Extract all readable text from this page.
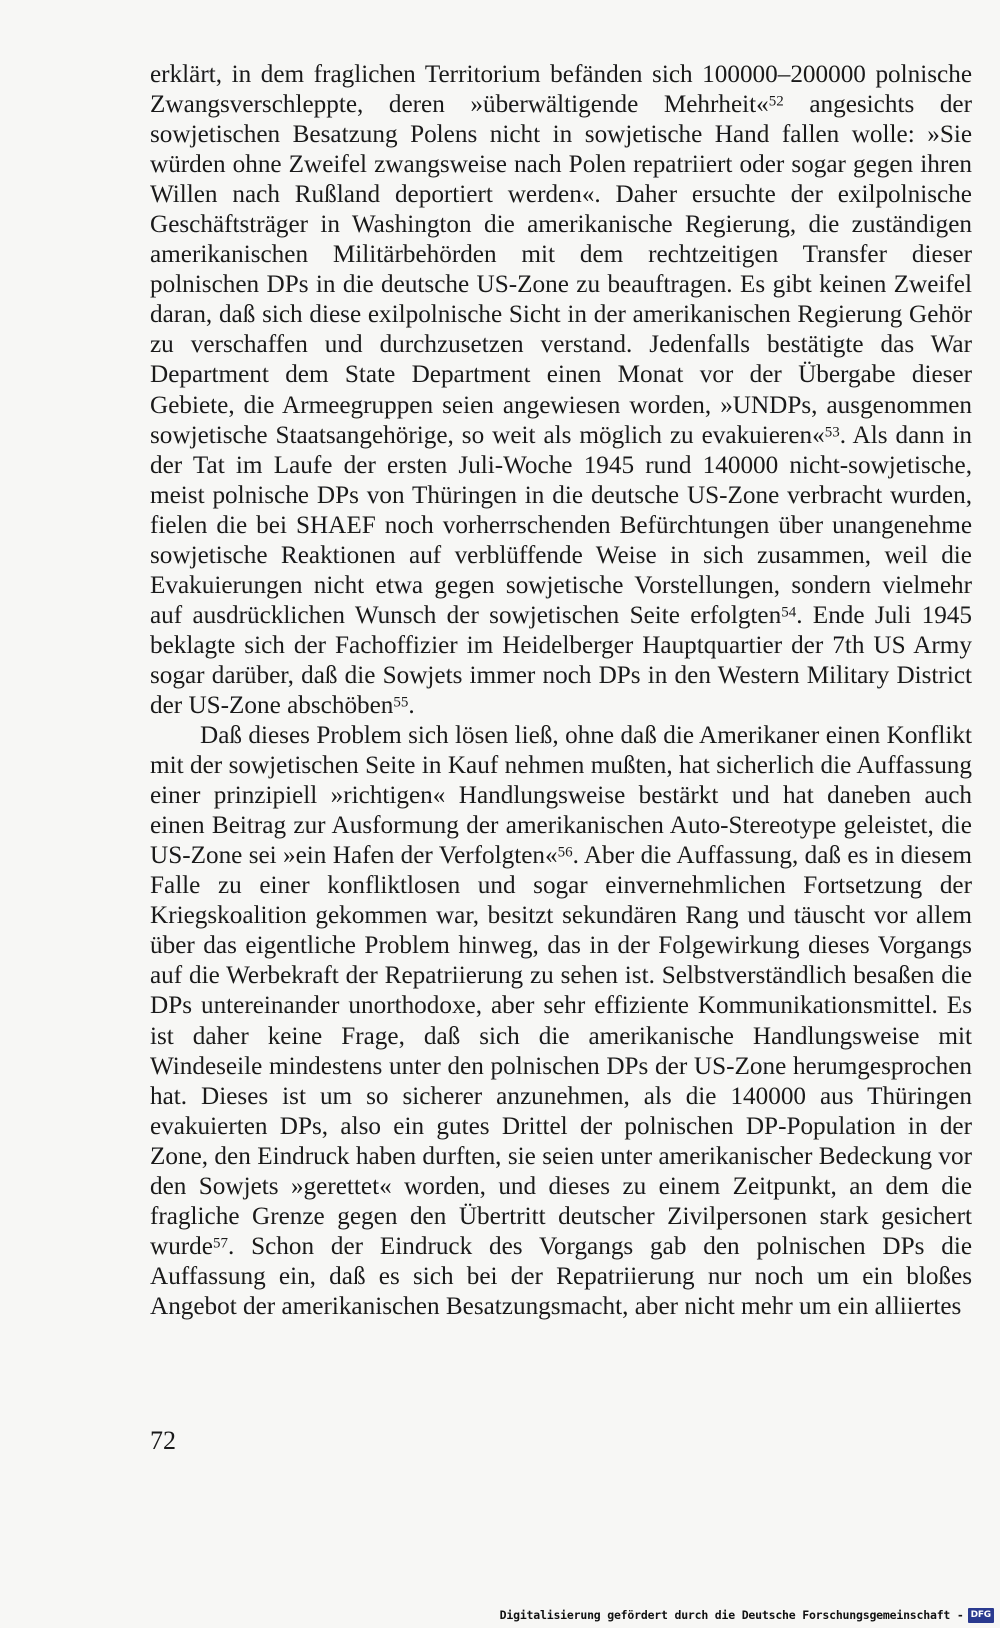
erklärt, in dem fraglichen Territorium befänden sich 100000–200000 polnische Zwangsverschleppte, deren »überwältigende Mehrheit«$^{52}$ angesichts der sowjetischen Besatzung Polens nicht in sowjetische Hand fallen wolle: »Sie würden ohne Zweifel zwangsweise nach Polen repatriiert oder sogar gegen ihren Willen nach Rußland deportiert werden«. Daher ersuchte der exilpolnische Geschäftsträger in Washington die amerikanische Regierung, die zuständigen amerikanischen Militärbehörden mit dem rechtzeitigen Transfer dieser polnischen DPs in die deutsche US-Zone zu beauftragen. Es gibt keinen Zweifel daran, daß sich diese exilpolnische Sicht in der amerikanischen Regierung Gehör zu verschaffen und durchzusetzen verstand. Jedenfalls bestätigte das War Department dem State Department einen Monat vor der Übergabe dieser Gebiete, die Armeegruppen seien angewiesen worden, »UNDPs, ausgenommen sowjetische Staatsangehörige, so weit als möglich zu evakuieren«$^{53}$. Als dann in der Tat im Laufe der ersten Juli-Woche 1945 rund 140000 nicht-sowjetische, meist polnische DPs von Thüringen in die deutsche US-Zone verbracht wurden, fielen die bei SHAEF noch vorherrschenden Befürchtungen über unangenehme sowjetische Reaktionen auf verblüffende Weise in sich zusammen, weil die Evakuierungen nicht etwa gegen sowjetische Vorstellungen, sondern vielmehr auf ausdrücklichen Wunsch der sowjetischen Seite erfolgten$^{54}$. Ende Juli 1945 beklagte sich der Fachoffizier im Heidelberger Hauptquartier der 7th US Army sogar darüber, daß die Sowjets immer noch DPs in den Western Military District der US-Zone abschöben$^{55}$.

Daß dieses Problem sich lösen ließ, ohne daß die Amerikaner einen Konflikt mit der sowjetischen Seite in Kauf nehmen mußten, hat sicherlich die Auffassung einer prinzipiell »richtigen« Handlungsweise bestärkt und hat daneben auch einen Beitrag zur Ausformung der amerikanischen Auto-Stereotype geleistet, die US-Zone sei »ein Hafen der Verfolgten«$^{56}$. Aber die Auffassung, daß es in diesem Falle zu einer konfliktlosen und sogar einvernehmlichen Fortsetzung der Kriegskoalition gekommen war, besitzt sekundären Rang und täuscht vor allem über das eigentliche Problem hinweg, das in der Folgewirkung dieses Vorgangs auf die Werbekraft der Repatriierung zu sehen ist. Selbstverständlich besaßen die DPs untereinander unorthodoxe, aber sehr effiziente Kommunikationsmittel. Es ist daher keine Frage, daß sich die amerikanische Handlungsweise mit Windeseile mindestens unter den polnischen DPs der US-Zone herumgesprochen hat. Dieses ist um so sicherer anzunehmen, als die 140000 aus Thüringen evakuierten DPs, also ein gutes Drittel der polnischen DP-Population in der Zone, den Eindruck haben durften, sie seien unter amerikanischer Bedeckung vor den Sowjets »gerettet« worden, und dieses zu einem Zeitpunkt, an dem die fragliche Grenze gegen den Übertritt deutscher Zivilpersonen stark gesichert wurde$^{57}$. Schon der Eindruck des Vorgangs gab den polnischen DPs die Auffassung ein, daß es sich bei der Repatriierung nur noch um ein bloßes Angebot der amerikanischen Besatzungsmacht, aber nicht mehr um ein alliiertes

72
Digitalisierung gefördert durch die Deutsche Forschungsgemeinschaft - DFG
